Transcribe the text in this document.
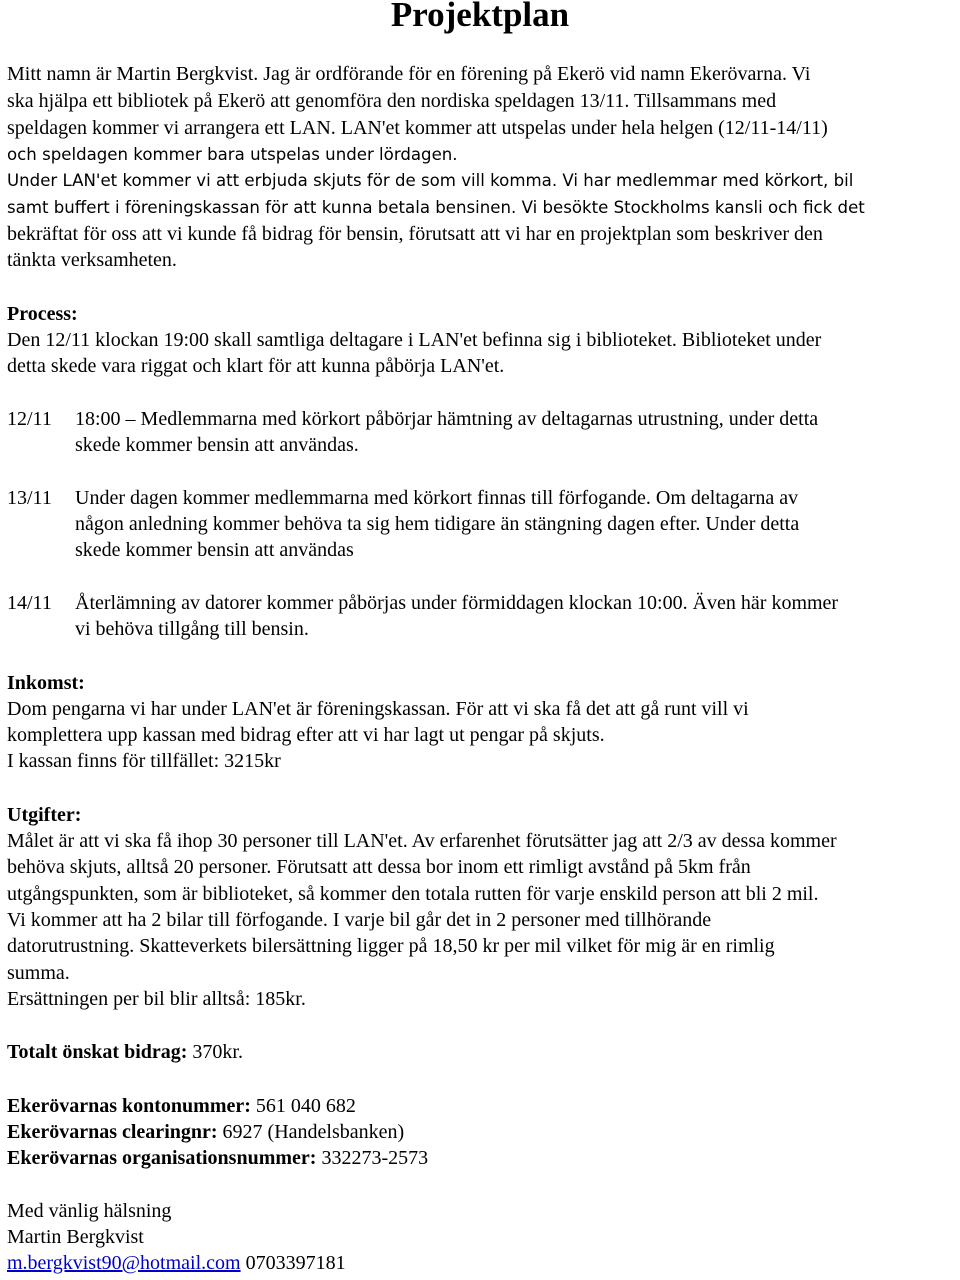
Projektplan
Mitt namn är Martin Bergkvist. Jag är ordförande för en förening på Ekerö vid namn Ekerövarna. Vi
ska hjälpa ett bibliotek på Ekerö att genomföra den nordiska speldagen 13/11. Tillsammans med
speldagen kommer vi arrangera ett LAN. LAN'et kommer att utspelas under hela helgen (12/11-14/11)
och speldagen kommer bara utspelas under lördagen.
Under LAN'et kommer vi att erbjuda skjuts för de som vill komma. Vi har medlemmar med körkort, bil
samt buffert i föreningskassan för att kunna betala bensinen. Vi besökte Stockholms kansli och fick det
bekräftat för oss att vi kunde få bidrag för bensin, förutsatt att vi har en projektplan som beskriver den
tänkta verksamheten.
Process:
Den 12/11 klockan 19:00 skall samtliga deltagare i LAN'et befinna sig i biblioteket. Biblioteket under
detta skede vara riggat och klart för att kunna påbörja LAN'et.
12/11 18:00 – Medlemmarna med körkort påbörjar hämtning av deltagarnas utrustning, under detta
skede kommer bensin att användas.
13/11 Under dagen kommer medlemmarna med körkort finnas till förfogande. Om deltagarna av
någon anledning kommer behöva ta sig hem tidigare än stängning dagen efter. Under detta
skede kommer bensin att användas
14/11 Återlämning av datorer kommer påbörjas under förmiddagen klockan 10:00. Även här kommer
vi behöva tillgång till bensin.
Inkomst:
Dom pengarna vi har under LAN'et är föreningskassan. För att vi ska få det att gå runt vill vi
komplettera upp kassan med bidrag efter att vi har lagt ut pengar på skjuts.
I kassan finns för tillfället: 3215kr
Utgifter:
Målet är att vi ska få ihop 30 personer till LAN'et. Av erfarenhet förutsätter jag att 2/3 av dessa kommer
behöva skjuts, alltså 20 personer. Förutsatt att dessa bor inom ett rimligt avstånd på 5km från
utgångspunkten, som är biblioteket, så kommer den totala rutten för varje enskild person att bli 2 mil.
Vi kommer att ha 2 bilar till förfogande. I varje bil går det in 2 personer med tillhörande
datorutrustning. Skatteverkets bilersättning ligger på 18,50 kr per mil vilket för mig är en rimlig
summa.
Ersättningen per bil blir alltså: 185kr.
Totalt önskat bidrag: 370kr.
Ekerövarnas kontonummer: 561 040 682
Ekerövarnas clearingnr: 6927 (Handelsbanken)
Ekerövarnas organisationsnummer: 332273-2573
Med vänlig hälsning
Martin Bergkvist
m.bergkvist90@hotmail.com 0703397181
